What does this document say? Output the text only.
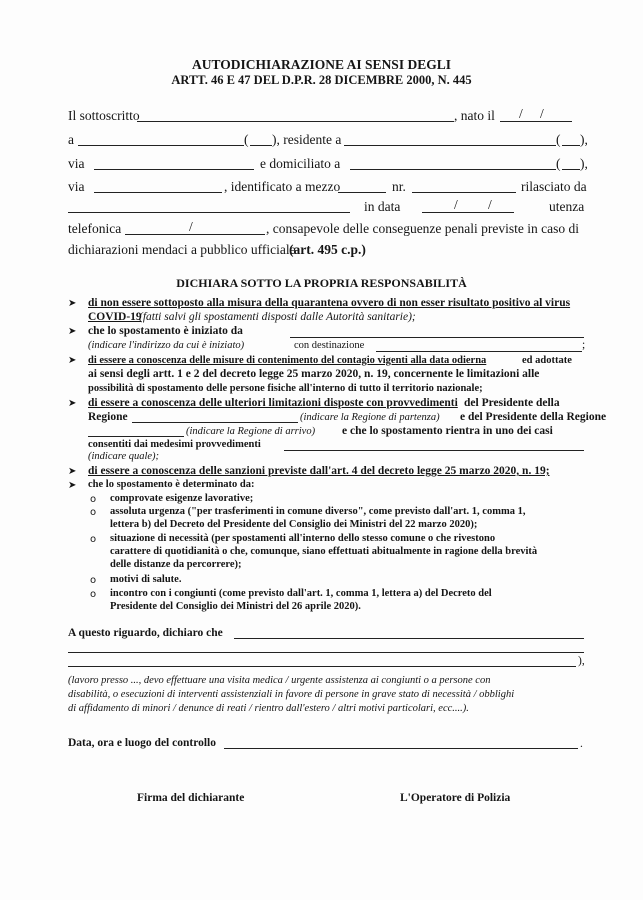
AUTODICHIARAZIONE AI SENSI DEGLI
ARTT. 46 E 47 DEL D.P.R. 28 DICEMBRE 2000, N. 445
Il sottoscritto	, nato il / /
a	( ), residente a	( ),
via	e domiciliato a	( ),
via	, identificato a mezzo	nr.	rilasciato da
in data	/ /	utenza
telefonica	/	, consapevole delle conseguenze penali previste in caso di
dichiarazioni mendaci a pubblico ufficiale
(art. 495 c.p.)
DICHIARA SOTTO LA PROPRIA RESPONSABILITÀ
➤ di non essere sottoposto alla misura della quarantena ovvero di non esser risultato positivo al virus
COVID-19
(fatti salvi gli spostamenti disposti dalle Autorità sanitarie);
➤ che lo spostamento è iniziato da
(indicare l'indirizzo da cui è iniziato)	con destinazione	;
➤ di essere a conoscenza delle misure di contenimento del contagio vigenti alla data odierna	ed adottate
ai sensi degli artt. 1 e 2 del decreto legge 25 marzo 2020, n. 19, concernente le limitazioni alle
possibilità di spostamento delle persone fisiche all'interno di tutto il territorio nazionale;
➤ di essere a conoscenza delle ulteriori limitazioni disposte con provvedimenti del Presidente della
Regione	(indicare la Regione di partenza) e del Presidente della Regione
(indicare la Regione di arrivo) e che lo spostamento rientra in uno dei casi
consentiti dai medesimi provvedimenti
(indicare quale);
➤ di essere a conoscenza delle sanzioni previste dall'art. 4 del decreto legge 25 marzo 2020, n. 19;
➤ che lo spostamento è determinato da:
o comprovate esigenze lavorative;
o assoluta urgenza ("per trasferimenti in comune diverso", come previsto dall'art. 1, comma 1,
lettera b) del Decreto del Presidente del Consiglio dei Ministri del 22 marzo 2020);
o situazione di necessità (per spostamenti all'interno dello stesso comune o che rivestono
carattere di quotidianità o che, comunque, siano effettuati abitualmente in ragione della brevità
delle distanze da percorrere);
o motivi di salute.
o incontro con i congiunti (come previsto dall'art. 1, comma 1, lettera a) del Decreto del
Presidente del Consiglio dei Ministri del 26 aprile 2020).
A questo riguardo, dichiaro che
),
(lavoro presso ..., devo effettuare una visita medica / urgente assistenza ai congiunti o a persone con
disabilità, o esecuzioni di interventi assistenziali in favore di persone in grave stato di necessità / obblighi
di affidamento di minori / denunce di reati / rientro dall'estero / altri motivi particolari, ecc....).
Data, ora e luogo del controllo	.
Firma del dichiarante	L'Operatore di Polizia
